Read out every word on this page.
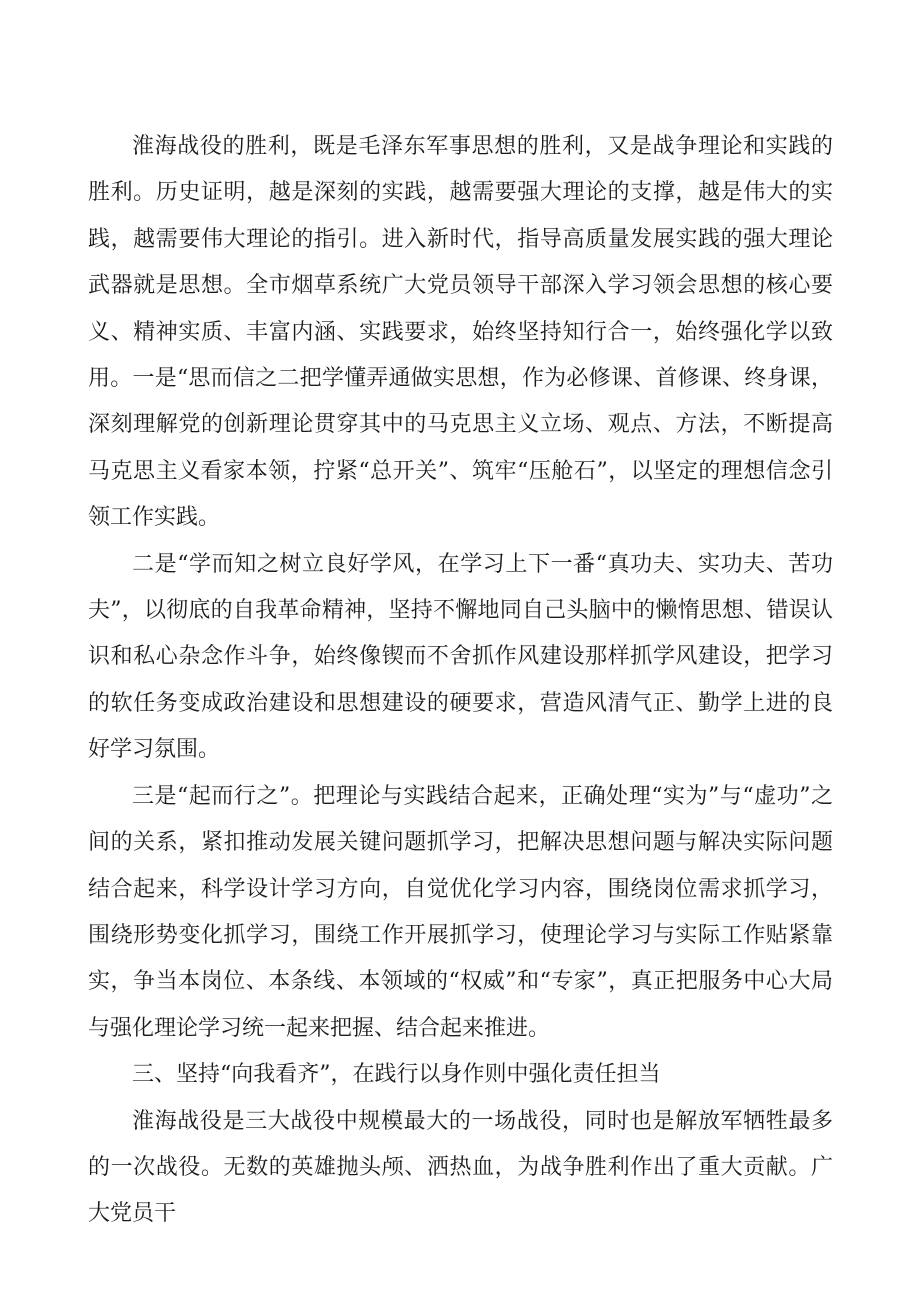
淮海战役的胜利，既是毛泽东军事思想的胜利，又是战争理论和实践的胜利。历史证明，越是深刻的实践，越需要强大理论的支撑，越是伟大的实践，越需要伟大理论的指引。进入新时代，指导高质量发展实践的强大理论武器就是思想。全市烟草系统广大党员领导干部深入学习领会思想的核心要义、精神实质、丰富内涵、实践要求，始终坚持知行合一，始终强化学以致用。一是“思而信之二把学懂弄通做实思想，作为必修课、首修课、终身课，深刻理解党的创新理论贯穿其中的马克思主义立场、观点、方法，不断提高马克思主义看家本领，拧紧“总开关”、筑牢“压舱石”，以坚定的理想信念引领工作实践。

二是“学而知之树立良好学风，在学习上下一番“真功夫、实功夫、苦功夫”，以彻底的自我革命精神，坚持不懈地同自己头脑中的懒惰思想、错误认识和私心杂念作斗争，始终像锲而不舍抓作风建设那样抓学风建设，把学习的软任务变成政治建设和思想建设的硬要求，营造风清气正、勤学上进的良好学习氛围。

三是“起而行之”。把理论与实践结合起来，正确处理“实为”与“虚功”之间的关系，紧扣推动发展关键问题抓学习，把解决思想问题与解决实际问题结合起来，科学设计学习方向，自觉优化学习内容，围绕岗位需求抓学习，围绕形势变化抓学习，围绕工作开展抓学习，使理论学习与实际工作贴紧靠实，争当本岗位、本条线、本领域的“权威”和“专家”，真正把服务中心大局与强化理论学习统一起来把握、结合起来推进。

三、坚持“向我看齐”，在践行以身作则中强化责任担当

淮海战役是三大战役中规模最大的一场战役，同时也是解放军牺牲最多的一次战役。无数的英雄抛头颅、洒热血，为战争胜利作出了重大贡献。广大党员干
